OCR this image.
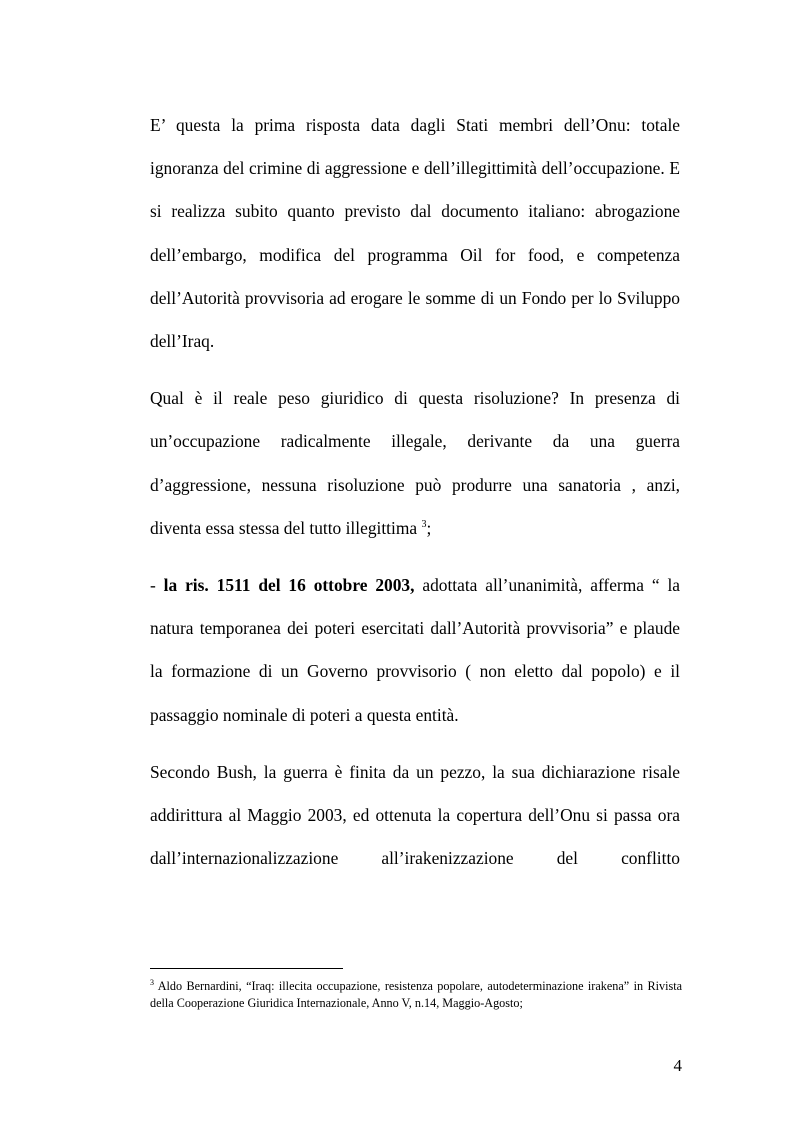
E’ questa la prima risposta data dagli Stati membri dell’Onu: totale ignoranza del crimine di aggressione e dell’illegittimità dell’occupazione. E si realizza subito quanto previsto dal documento italiano: abrogazione dell’embargo, modifica del programma Oil for food, e competenza dell’Autorità provvisoria ad erogare le somme di un Fondo per lo Sviluppo dell’Iraq.

Qual è il reale peso giuridico di questa risoluzione? In presenza di un’occupazione radicalmente illegale, derivante da una guerra d’aggressione, nessuna risoluzione può produrre una sanatoria , anzi, diventa essa stessa del tutto illegittima $^3$;

- la ris. 1511 del 16 ottobre 2003, adottata all’unanimità, afferma “ la natura temporanea dei poteri esercitati dall’Autorità provvisoria” e plaude la formazione di un Governo provvisorio ( non eletto dal popolo) e il passaggio nominale di poteri a questa entità.

Secondo Bush, la guerra è finita da un pezzo, la sua dichiarazione risale addirittura al Maggio 2003, ed ottenuta la copertura dell’Onu si passa ora dall’internazionalizzazione all’irakenizzazione del conflitto

$^3$ Aldo Bernardini, “Iraq: illecita occupazione, resistenza popolare, autodeterminazione irakena” in Rivista della Cooperazione Giuridica Internazionale, Anno V, n.14, Maggio-Agosto;
4
